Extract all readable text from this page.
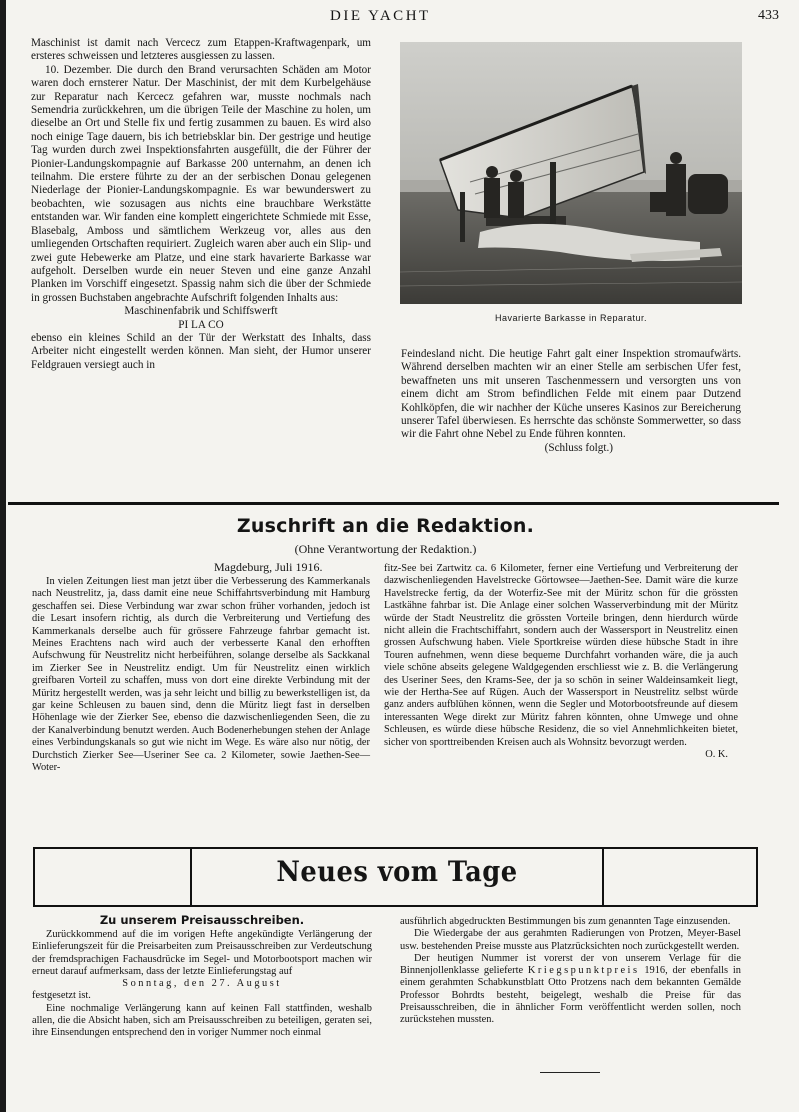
DIE YACHT	433

Maschinist ist damit nach Vercecz zum Etappen-Kraftwagenpark, um ersteres schweissen und letzteres ausgiessen zu lassen.

10. Dezember. Die durch den Brand verursachten Schäden am Motor waren doch ernsterer Natur. Der Maschinist, der mit dem Kurbelgehäuse zur Reparatur nach Kercecz gefahren war, musste nochmals nach Semendria zurückkehren, um die übrigen Teile der Maschine zu holen, um dieselbe an Ort und Stelle fix und fertig zusammen zu bauen. Es wird also noch einige Tage dauern, bis ich betriebsklar bin. Der gestrige und heutige Tag wurden durch zwei Inspektionsfahrten ausgefüllt, die der Führer der Pionier-Landungskompagnie auf Barkasse 200 unternahm, an denen ich teilnahm. Die erstere führte zu der an der serbischen Donau gelegenen Niederlage der Pionier-Landungskompagnie. Es war bewunderswert zu beobachten, wie sozusagen aus nichts eine brauchbare Werkstätte entstanden war. Wir fanden eine komplett eingerichtete Schmiede mit Esse, Blasebalg, Amboss und sämtlichem Werkzeug vor, alles aus den umliegenden Ortschaften requiriert. Zugleich waren aber auch ein Slip- und zwei gute Hebewerke am Platze, und eine stark havarierte Barkasse war aufgeholt. Derselben wurde ein neuer Steven und eine ganze Anzahl Planken im Vorschiff eingesetzt. Spassig nahm sich die über der Schmiede in grossen Buchstaben angebrachte Aufschrift folgenden Inhalts aus:

Maschinenfabrik und Schiffswerft

PI LA CO

ebenso ein kleines Schild an der Tür der Werkstatt des Inhalts, dass Arbeiter nicht eingestellt werden können. Man sieht, der Humor unserer Feldgrauen versiegt auch in

Havarierte Barkasse in Reparatur.

Feindesland nicht. Die heutige Fahrt galt einer Inspektion stromaufwärts. Während derselben machten wir an einer Stelle am serbischen Ufer fest, bewaffneten uns mit unseren Taschenmessern und versorgten uns von einem dicht am Strom befindlichen Felde mit einem paar Dutzend Kohlköpfen, die wir nachher der Küche unseres Kasinos zur Bereicherung unserer Tafel überwiesen. Es herrschte das schönste Sommerwetter, so dass wir die Fahrt ohne Nebel zu Ende führen konnten.

(Schluss folgt.)

Zuschrift an die Redaktion.
(Ohne Verantwortung der Redaktion.)
Magdeburg, Juli 1916.

In vielen Zeitungen liest man jetzt über die Verbesserung des Kammerkanals nach Neustrelitz, ja, dass damit eine neue Schiffahrtsverbindung mit Hamburg geschaffen sei. Diese Verbindung war zwar schon früher vorhanden, jedoch ist die Lesart insofern richtig, als durch die Verbreiterung und Vertiefung des Kammerkanals derselbe auch für grössere Fahrzeuge fahrbar gemacht ist. Meines Erachtens nach wird auch der verbesserte Kanal den erhofften Aufschwung für Neustrelitz nicht herbeiführen, solange derselbe als Sackkanal im Zierker See in Neustrelitz endigt. Um für Neustrelitz einen wirklich greifbaren Vorteil zu schaffen, muss von dort eine direkte Verbindung mit der Müritz hergestellt werden, was ja sehr leicht und billig zu bewerkstelligen ist, da gar keine Schleusen zu bauen sind, denn die Müritz liegt fast in derselben Höhenlage wie der Zierker See, ebenso die dazwischenliegenden Seen, die zu der Kanalverbindung benutzt werden. Auch Bodenerhebungen stehen der Anlage eines Verbindungskanals so gut wie nicht im Wege. Es wäre also nur nötig, der Durchstich Zierker See—Useriner See ca. 2 Kilometer, sowie Jaethen-See—Woter-

fitz-See bei Zartwitz ca. 6 Kilometer, ferner eine Vertiefung und Verbreiterung der dazwischenliegenden Havelstrecke Görtowsee—Jaethen-See. Damit wäre die kurze Havelstrecke fertig, da der Woterfiz-See mit der Müritz schon für die grössten Lastkähne fahrbar ist. Die Anlage einer solchen Wasserverbindung mit der Müritz würde der Stadt Neustrelitz die grössten Vorteile bringen, denn hierdurch würde nicht allein die Frachtschiffahrt, sondern auch der Wassersport in Neustrelitz einen grossen Aufschwung haben. Viele Sportkreise würden diese hübsche Stadt in ihre Touren aufnehmen, wenn diese bequeme Durchfahrt vorhanden wäre, die ja auch viele schöne abseits gelegene Waldgegenden erschliesst wie z. B. die Verlängerung des Useriner Sees, den Krams-See, der ja so schön in seiner Waldeinsamkeit liegt, wie der Hertha-See auf Rügen. Auch der Wassersport in Neustrelitz selbst würde ganz anders aufblühen können, wenn die Segler und Motorbootsfreunde auf diesem interessanten Wege direkt zur Müritz fahren könnten, ohne Umwege und ohne Schleusen, es würde diese hübsche Residenz, die so viel Annehmlichkeiten bietet, sicher von sporttreibenden Kreisen auch als Wohnsitz bevorzugt werden.

O. K.

Neues vom Tage
Zu unserem Preisausschreiben.

Zurückkommend auf die im vorigen Hefte angekündigte Verlängerung der Einlieferungszeit für die Preisarbeiten zum Preisausschreiben zur Verdeutschung der fremdsprachigen Fachausdrücke im Segel- und Motorbootsport machen wir erneut darauf aufmerksam, dass der letzte Einlieferungstag auf

Sonntag, den 27. August

festgesetzt ist.

Eine nochmalige Verlängerung kann auf keinen Fall stattfinden, weshalb allen, die die Absicht haben, sich am Preisausschreiben zu beteiligen, geraten sei, ihre Einsendungen entsprechend den in voriger Nummer noch einmal

ausführlich abgedruckten Bestimmungen bis zum genannten Tage einzusenden.

Die Wiedergabe der aus gerahmten Radierungen von Protzen, Meyer-Basel usw. bestehenden Preise musste aus Platzrücksichten noch zurückgestellt werden.

Der heutigen Nummer ist vorerst der von unserem Verlage für die Binnenjollenklasse gelieferte Kriegspunktpreis 1916, der ebenfalls in einem gerahmten Schabkunstblatt Otto Protzens nach dem bekannten Gemälde Professor Bohrdts besteht, beigelegt, weshalb die Preise für das Preisausschreiben, die in ähnlicher Form veröffentlicht werden sollen, noch zurückstehen mussten.
